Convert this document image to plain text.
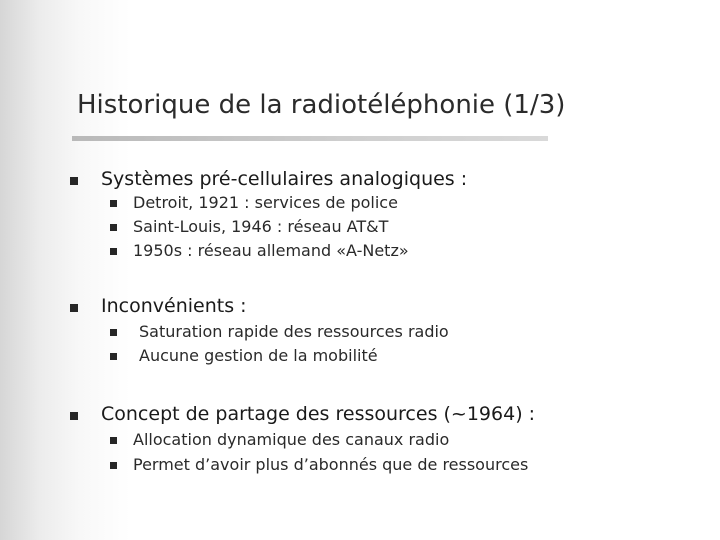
Historique de la radiotéléphonie (1/3)
Systèmes pré-cellulaires analogiques :
Detroit, 1921 : services de police
Saint-Louis, 1946 : réseau AT&T
1950s : réseau allemand «A-Netz»
Inconvénients :
Saturation rapide des ressources radio
Aucune gestion de la mobilité
Concept de partage des ressources (~1964) :
Allocation dynamique des canaux radio
Permet d’avoir plus d’abonnés que de ressources
